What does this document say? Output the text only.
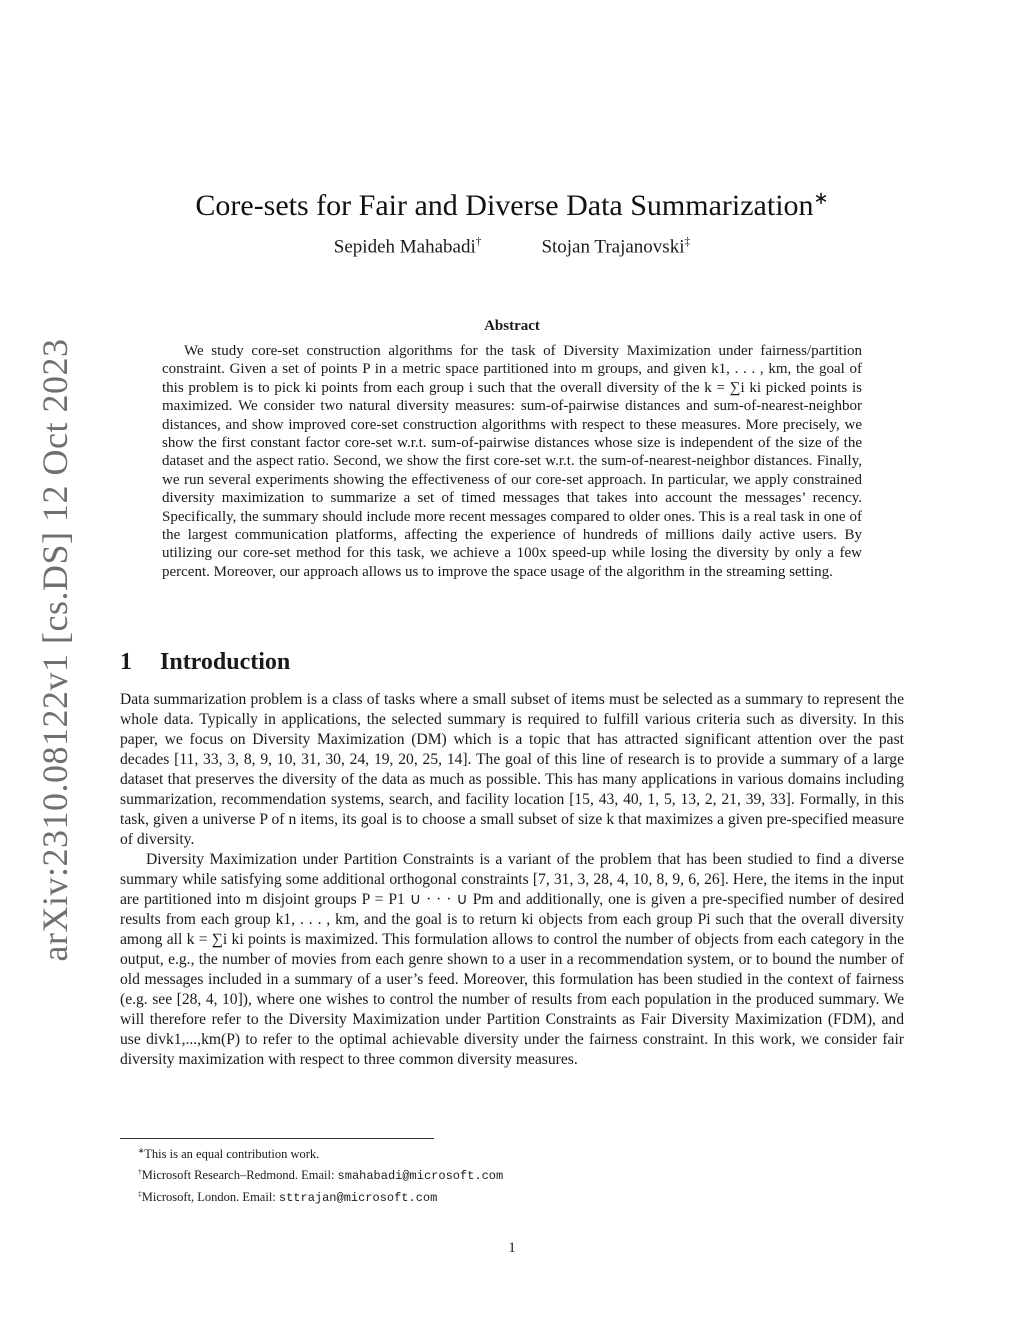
arXiv:2310.08122v1 [cs.DS] 12 Oct 2023
Core-sets for Fair and Diverse Data Summarization∗
Sepideh Mahabadi†	Stojan Trajanovski‡
Abstract

We study core-set construction algorithms for the task of Diversity Maximization under fairness/partition constraint. Given a set of points P in a metric space partitioned into m groups, and given k1, . . . , km, the goal of this problem is to pick ki points from each group i such that the overall diversity of the k = ∑i ki picked points is maximized. We consider two natural diversity measures: sum-of-pairwise distances and sum-of-nearest-neighbor distances, and show improved core-set construction algorithms with respect to these measures. More precisely, we show the first constant factor core-set w.r.t. sum-of-pairwise distances whose size is independent of the size of the dataset and the aspect ratio. Second, we show the first core-set w.r.t. the sum-of-nearest-neighbor distances. Finally, we run several experiments showing the effectiveness of our core-set approach. In particular, we apply constrained diversity maximization to summarize a set of timed messages that takes into account the messages’ recency. Specifically, the summary should include more recent messages compared to older ones. This is a real task in one of the largest communication platforms, affecting the experience of hundreds of millions daily active users. By utilizing our core-set method for this task, we achieve a 100x speed-up while losing the diversity by only a few percent. Moreover, our approach allows us to improve the space usage of the algorithm in the streaming setting.

1 Introduction

Data summarization problem is a class of tasks where a small subset of items must be selected as a summary to represent the whole data. Typically in applications, the selected summary is required to fulfill various criteria such as diversity. In this paper, we focus on Diversity Maximization (DM) which is a topic that has attracted significant attention over the past decades [11, 33, 3, 8, 9, 10, 31, 30, 24, 19, 20, 25, 14]. The goal of this line of research is to provide a summary of a large dataset that preserves the diversity of the data as much as possible. This has many applications in various domains including summarization, recommendation systems, search, and facility location [15, 43, 40, 1, 5, 13, 2, 21, 39, 33]. Formally, in this task, given a universe P of n items, its goal is to choose a small subset of size k that maximizes a given pre-specified measure of diversity.

Diversity Maximization under Partition Constraints is a variant of the problem that has been studied to find a diverse summary while satisfying some additional orthogonal constraints [7, 31, 3, 28, 4, 10, 8, 9, 6, 26]. Here, the items in the input are partitioned into m disjoint groups P = P1 ∪ · · · ∪ Pm and additionally, one is given a pre-specified number of desired results from each group k1, . . . , km, and the goal is to return ki objects from each group Pi such that the overall diversity among all k = ∑i ki points is maximized. This formulation allows to control the number of objects from each category in the output, e.g., the number of movies from each genre shown to a user in a recommendation system, or to bound the number of old messages included in a summary of a user’s feed. Moreover, this formulation has been studied in the context of fairness (e.g. see [28, 4, 10]), where one wishes to control the number of results from each population in the produced summary. We will therefore refer to the Diversity Maximization under Partition Constraints as Fair Diversity Maximization (FDM), and use divk1,...,km(P) to refer to the optimal achievable diversity under the fairness constraint. In this work, we consider fair diversity maximization with respect to three common diversity measures.

∗This is an equal contribution work.
†Microsoft Research–Redmond. Email: smahabadi@microsoft.com
‡Microsoft, London. Email: sttrajan@microsoft.com
1
